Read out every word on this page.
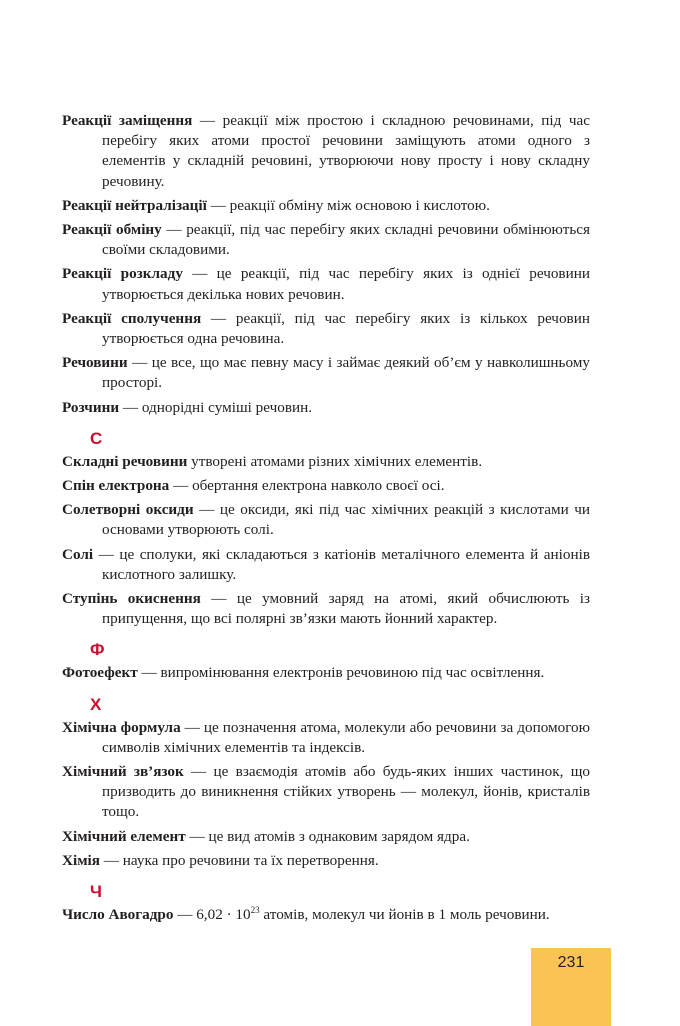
Реакції заміщення — реакції між простою і складною речовинами, під час перебігу яких атоми простої речовини заміщують атоми одного з елементів у складній речовині, утворюючи нову просту і нову складну речовину.

Реакції нейтралізації — реакції обміну між основою і кислотою.

Реакції обміну — реакції, під час перебігу яких складні речовини обмінюються своїми складовими.

Реакції розкладу — це реакції, під час перебігу яких із однієї речовини утворюється декілька нових речовин.

Реакції сполучення — реакції, під час перебігу яких із кількох речовин утворюється одна речовина.

Речовини — це все, що має певну масу і займає деякий об’єм у навколишньому просторі.

Розчини — однорідні суміші речовин.

С

Складні речовини утворені атомами різних хімічних елементів.

Спін електрона — обертання електрона навколо своєї осі.

Солетворні оксиди — це оксиди, які під час хімічних реакцій з кислотами чи основами утворюють солі.

Солі — це сполуки, які складаються з катіонів металічного елемента й аніонів кислотного залишку.

Ступінь окиснення — це умовний заряд на атомі, який обчислюють із припущення, що всі полярні зв’язки мають йонний характер.

Ф

Фотоефект — випромінювання електронів речовиною під час освітлення.

Х

Хімічна формула — це позначення атома, молекули або речовини за допомогою символів хімічних елементів та індексів.

Хімічний зв’язок — це взаємодія атомів або будь-яких інших частинок, що призводить до виникнення стійких утворень — молекул, йонів, кристалів тощо.

Хімічний елемент — це вид атомів з однаковим зарядом ядра.

Хімія — наука про речовини та їх перетворення.

Ч

Число Авогадро — $6,02 \cdot 10^{23}$ атомів, молекул чи йонів в 1 моль речовини.

231
